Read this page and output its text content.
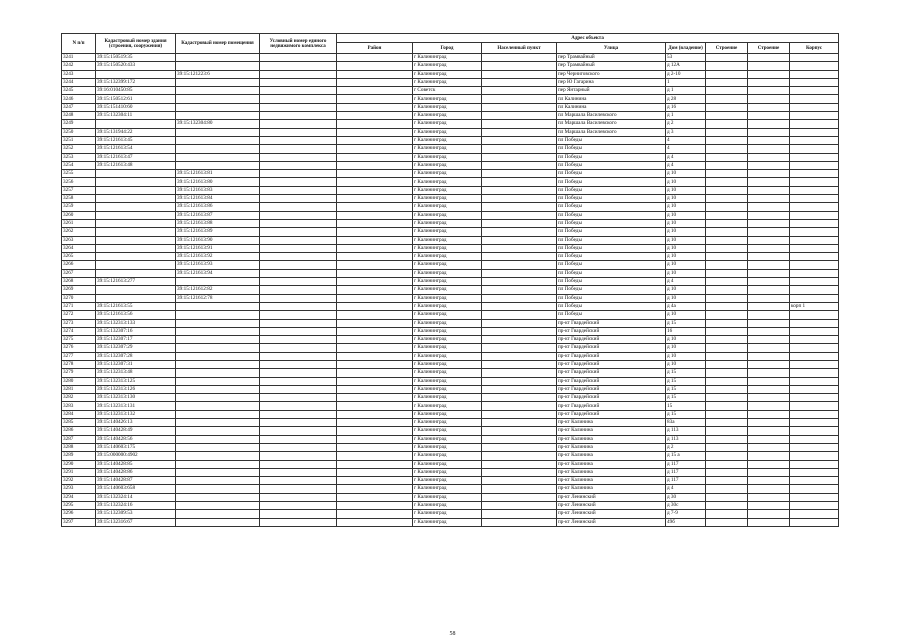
N п/п	Кадастровый номер здания (строения, сооружения)	Кадастровый номер помещения	Условный номер единого недвижимого комплекса	Адрес объекта							
				Район	Город	Населенный пункт	Улица	Дом (владение)	Строение	Строение	Корпус
3241	39:15:150519:35				г Калининград		пер Трамвайный	53			
3242	39:15:150520:433				г Калининград		пер Трамвайный	д 12А			
3243		39:15:121223:6			г Калининград		пер Черниговского	д 2-10			
3244	39:15:132399:172				г Калининград		пер Ю Гагарина	1			
3245	39:16:010450:85				г Советск		пер Янтарный	д 1			
3246	39:15:150512:61				г Калининград		пл Калинина	д 28			
3247	39:15:151410:60				г Калининград		пл Калинина	д 16			
3248	39:15:132304:11				г Калининград		пл Маршала Василевского	д 1			
3249		39:15:132304:80			г Калининград		пл Маршала Василевского	д 2			
3250	39:15:131944:22				г Калининград		пл Маршала Василевского	д 3			
3251	39:15:121613:45				г Калининград		пл Победы	4			
3252	39:15:121613:54				г Калининград		пл Победы	4			
3253	39:15:121613:47				г Калининград		пл Победы	д 4			
3254	39:15:121613:48				г Калининград		пл Победы	д 4			
3255		39:15:121613:81			г Калининград		пл Победы	д 10			
3256		39:15:121613:80			г Калининград		пл Победы	д 10			
3257		39:15:121613:83			г Калининград		пл Победы	д 10			
3258		39:15:121613:84			г Калининград		пл Победы	д 10			
3259		39:15:121613:86			г Калининград		пл Победы	д 10			
3260		39:15:121613:87			г Калининград		пл Победы	д 10			
3261		39:15:121613:88			г Калининград		пл Победы	д 10			
3262		39:15:121613:89			г Калининград		пл Победы	д 10			
3263		39:15:121613:90			г Калининград		пл Победы	д 10			
3264		39:15:121613:91			г Калининград		пл Победы	д 10			
3265		39:15:121613:92			г Калининград		пл Победы	д 10			
3266		39:15:121613:93			г Калининград		пл Победы	д 10			
3267		39:15:121613:94			г Калининград		пл Победы	д 10			
3268	39:15:121613:277				г Калининград		пл Победы	д 4			
3269		39:15:121612:82			г Калининград		пл Победы	д 10			
3270		39:15:121612:78			г Калининград		пл Победы	д 10			
3271	39:15:121613:55				г Калининград		пл Победы	д 4а			корп 1
3272	39:15:121613:56				г Калининград		пл Победы	д 10			
3273	39:15:132313:133				г Калининград		пр-кт Гвардейский	д 15			
3274	39:15:132307:16				г Калининград		пр-кт Гвардейский	16			
3275	39:15:132307:17				г Калининград		пр-кт Гвардейский	д 10			
3276	39:15:132307:29				г Калининград		пр-кт Гвардейский	д 10			
3277	39:15:132307:28				г Калининград		пр-кт Гвардейский	д 10			
3278	39:15:132307:31				г Калининград		пр-кт Гвардейский	д 10			
3279	39:15:132313:48				г Калининград		пр-кт Гвардейский	д 15			
3280	39:15:132313:125				г Калининград		пр-кт Гвардейский	д 15			
3281	39:15:132313:126				г Калининград		пр-кт Гвардейский	д 15			
3282	39:15:132313:130				г Калининград		пр-кт Гвардейский	д 15			
3283	39:15:132313:131				г Калининград		пр-кт Гвардейский	15			
3284	39:15:132313:132				г Калининград		пр-кт Гвардейский	д 15			
3285	39:15:140426:13				г Калининград		пр-кт Калинина	83а			
3286	39:15:140428:49				г Калининград		пр-кт Калинина	д 113			
3287	39:15:140428:56				г Калининград		пр-кт Калинина	д 113			
3288	39:15:140603:175				г Калининград		пр-кт Калинина	д 2			
3289	39:15:000000:4902				г Калининград		пр-кт Калинина	д 15 а			
3290	39:15:140428:85				г Калининград		пр-кт Калинина	д 117			
3291	39:15:140428:86				г Калининград		пр-кт Калинина	д 117			
3292	39:15:140428:87				г Калининград		пр-кт Калинина	д 117			
3293	39:15:140603:658				г Калининград		пр-кт Калинина	д 4			
3294	39:15:132324:14				г Калининград		пр-кт Ленинский	д 30			
3295	39:15:132324:16				г Калининград		пр-кт Ленинский	д 30с			
3296	39:15:132309:53				г Калининград		пр-кт Ленинский	д 7-9			
3297	39:15:132316:67				г Калининград		пр-кт Ленинский	49б			
58
